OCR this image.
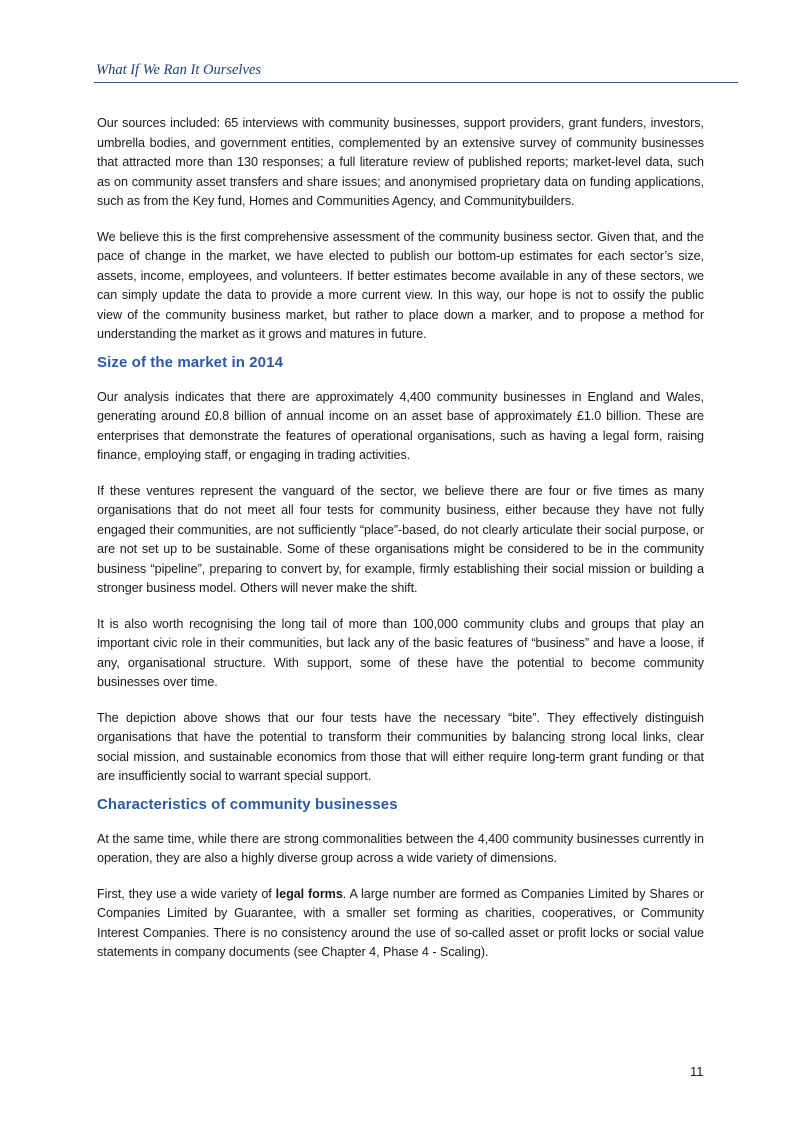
What If We Ran It Ourselves

Our sources included: 65 interviews with community businesses, support providers, grant funders, investors, umbrella bodies, and government entities, complemented by an extensive survey of community businesses that attracted more than 130 responses; a full literature review of published reports; market-level data, such as on community asset transfers and share issues; and anonymised proprietary data on funding applications, such as from the Key fund, Homes and Communities Agency, and Communitybuilders.

We believe this is the first comprehensive assessment of the community business sector. Given that, and the pace of change in the market, we have elected to publish our bottom-up estimates for each sector’s size, assets, income, employees, and volunteers. If better estimates become available in any of these sectors, we can simply update the data to provide a more current view. In this way, our hope is not to ossify the public view of the community business market, but rather to place down a marker, and to propose a method for understanding the market as it grows and matures in future.

Size of the market in 2014

Our analysis indicates that there are approximately 4,400 community businesses in England and Wales, generating around £0.8 billion of annual income on an asset base of approximately £1.0 billion. These are enterprises that demonstrate the features of operational organisations, such as having a legal form, raising finance, employing staff, or engaging in trading activities.

If these ventures represent the vanguard of the sector, we believe there are four or five times as many organisations that do not meet all four tests for community business, either because they have not fully engaged their communities, are not sufficiently “place”-based, do not clearly articulate their social purpose, or are not set up to be sustainable. Some of these organisations might be considered to be in the community business “pipeline”, preparing to convert by, for example, firmly establishing their social mission or building a stronger business model. Others will never make the shift.

It is also worth recognising the long tail of more than 100,000 community clubs and groups that play an important civic role in their communities, but lack any of the basic features of “business” and have a loose, if any, organisational structure. With support, some of these have the potential to become community businesses over time.

The depiction above shows that our four tests have the necessary “bite”. They effectively distinguish organisations that have the potential to transform their communities by balancing strong local links, clear social mission, and sustainable economics from those that will either require long-term grant funding or that are insufficiently social to warrant special support.

Characteristics of community businesses

At the same time, while there are strong commonalities between the 4,400 community businesses currently in operation, they are also a highly diverse group across a wide variety of dimensions.

First, they use a wide variety of legal forms. A large number are formed as Companies Limited by Shares or Companies Limited by Guarantee, with a smaller set forming as charities, cooperatives, or Community Interest Companies. There is no consistency around the use of so-called asset or profit locks or social value statements in company documents (see Chapter 4, Phase 4 - Scaling).

11
